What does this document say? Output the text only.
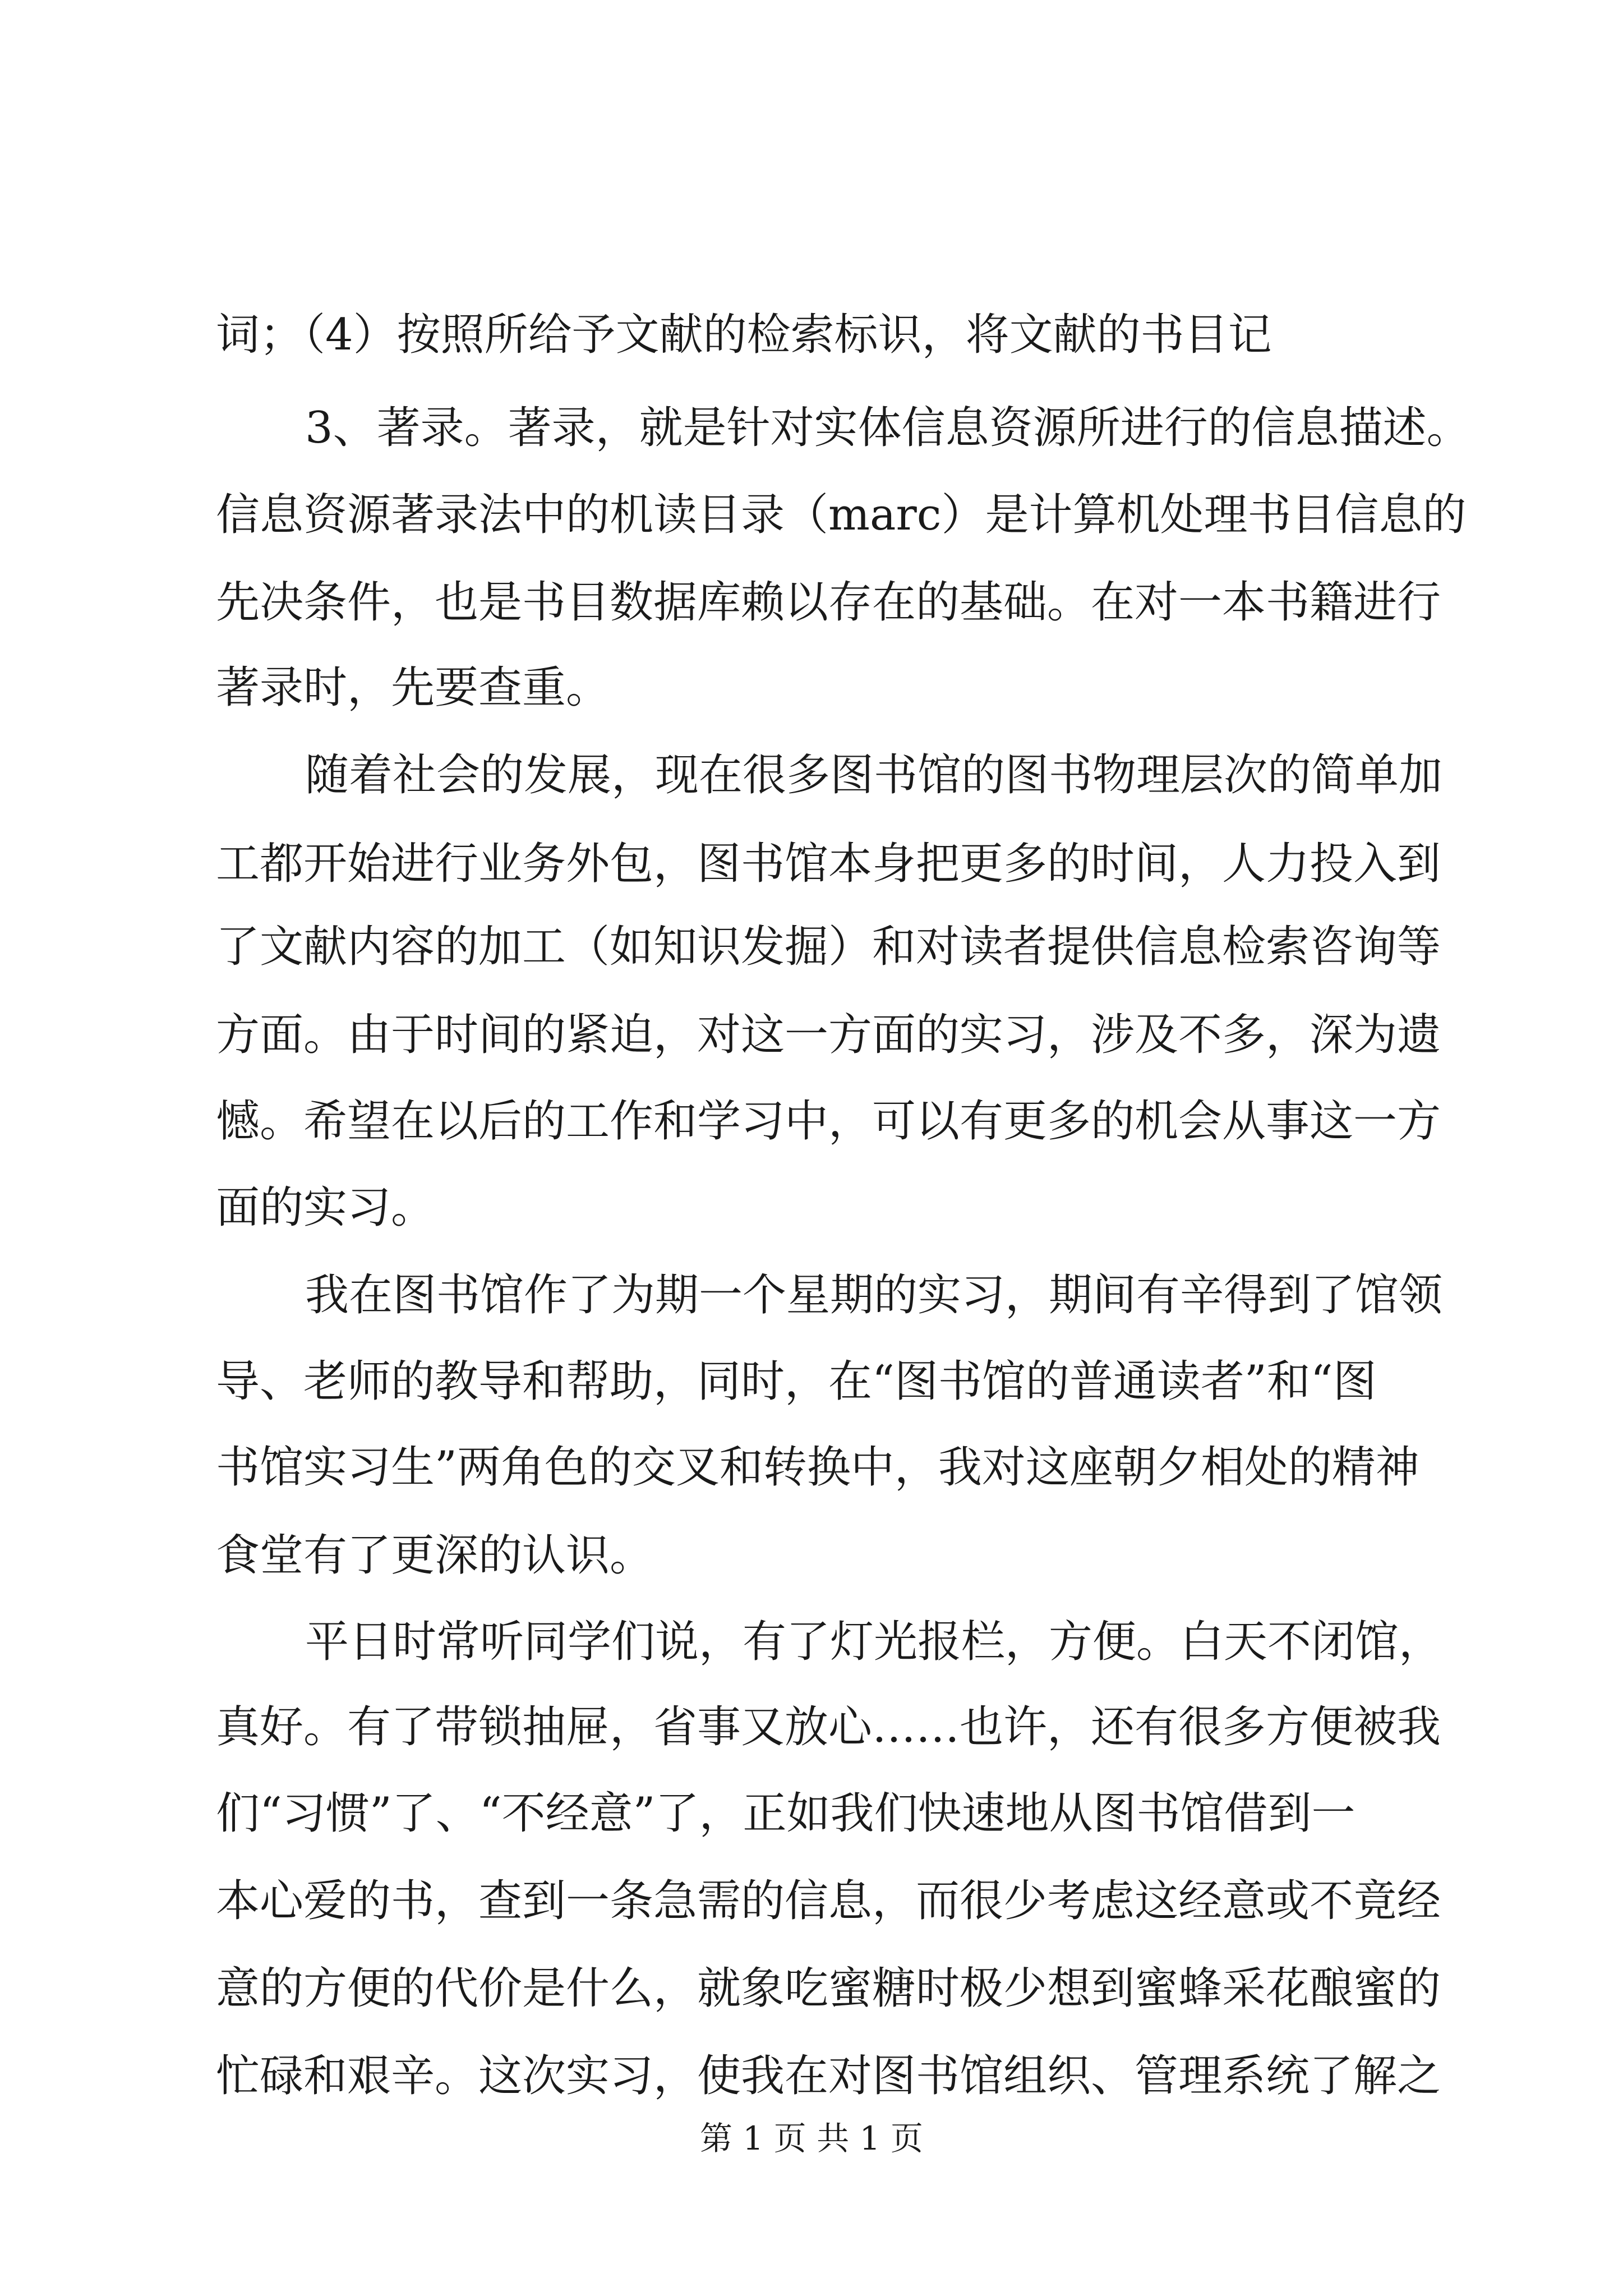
词；（4）按照所给予文献的检索标识，将文献的书目记
3、著录。著录，就是针对实体信息资源所进行的信息描述。
信息资源著录法中的机读目录（marc）是计算机处理书目信息的
先决条件，也是书目数据库赖以存在的基础。在对一本书籍进行
著录时，先要查重。
随着社会的发展，现在很多图书馆的图书物理层次的简单加
工都开始进行业务外包，图书馆本身把更多的时间，人力投入到
了文献内容的加工（如知识发掘）和对读者提供信息检索咨询等
方面。由于时间的紧迫，对这一方面的实习，涉及不多，深为遗
憾。希望在以后的工作和学习中，可以有更多的机会从事这一方
面的实习。
我在图书馆作了为期一个星期的实习，期间有辛得到了馆领
导、老师的教导和帮助，同时，在“图书馆的普通读者”和“图
书馆实习生”两角色的交叉和转换中，我对这座朝夕相处的精神
食堂有了更深的认识。
平日时常听同学们说，有了灯光报栏，方便。白天不闭馆，
真好。有了带锁抽屉，省事又放心……也许，还有很多方便被我
们“习惯”了、“不经意”了，正如我们快速地从图书馆借到一
本心爱的书，查到一条急需的信息，而很少考虑这经意或不竟经
意的方便的代价是什么，就象吃蜜糖时极少想到蜜蜂采花酿蜜的
忙碌和艰辛。这次实习，使我在对图书馆组织、管理系统了解之
第 1 页 共 1 页
